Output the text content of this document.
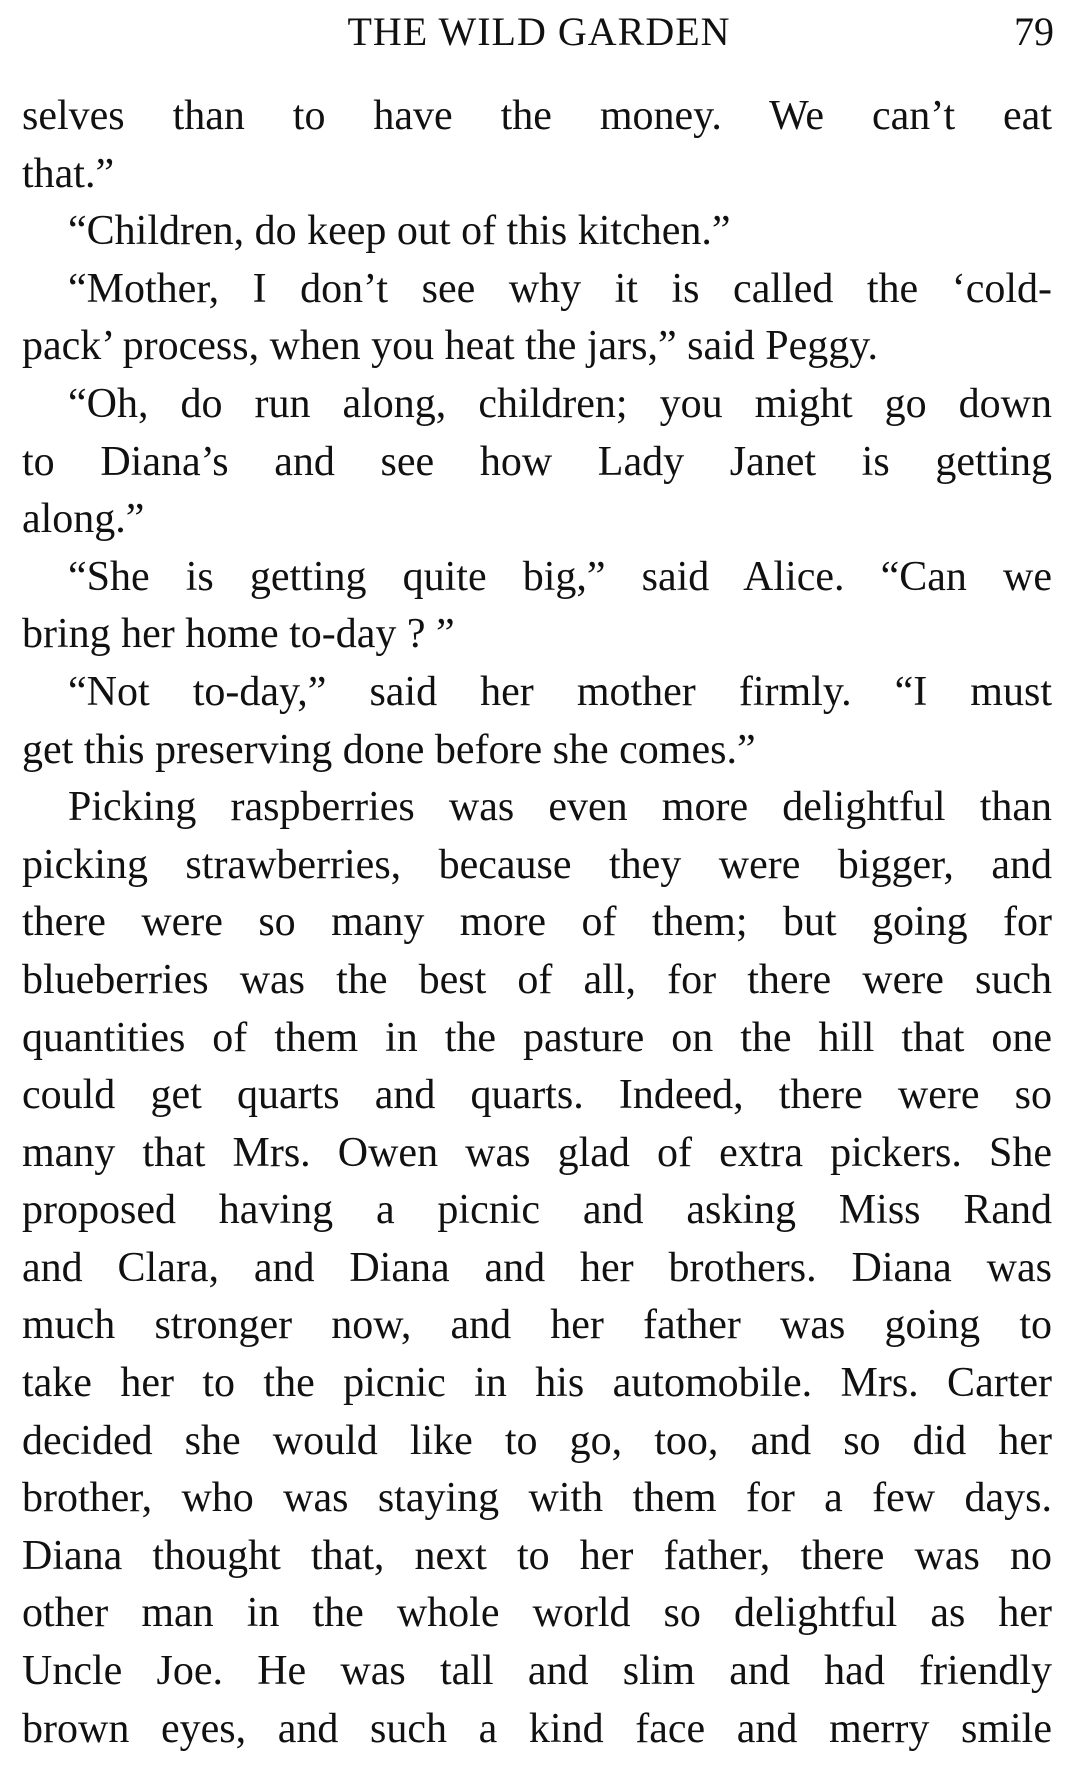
THE WILD GARDEN	79
selves than to have the money. We can’t eat
that.”
“Children, do keep out of this kitchen.”
“Mother, I don’t see why it is called the ‘cold-
pack’ process, when you heat the jars,” said Peggy.
“Oh, do run along, children; you might go down
to Diana’s and see how Lady Janet is getting
along.”
“She is getting quite big,” said Alice. “Can we
bring her home to-day ? ”
“Not to-day,” said her mother firmly. “I must
get this preserving done before she comes.”
Picking raspberries was even more delightful than
picking strawberries, because they were bigger, and
there were so many more of them; but going for
blueberries was the best of all, for there were such
quantities of them in the pasture on the hill that one
could get quarts and quarts. Indeed, there were so
many that Mrs. Owen was glad of extra pickers. She
proposed having a picnic and asking Miss Rand
and Clara, and Diana and her brothers. Diana was
much stronger now, and her father was going to
take her to the picnic in his automobile. Mrs. Carter
decided she would like to go, too, and so did her
brother, who was staying with them for a few days.
Diana thought that, next to her father, there was no
other man in the whole world so delightful as her
Uncle Joe. He was tall and slim and had friendly
brown eyes, and such a kind face and merry smile
